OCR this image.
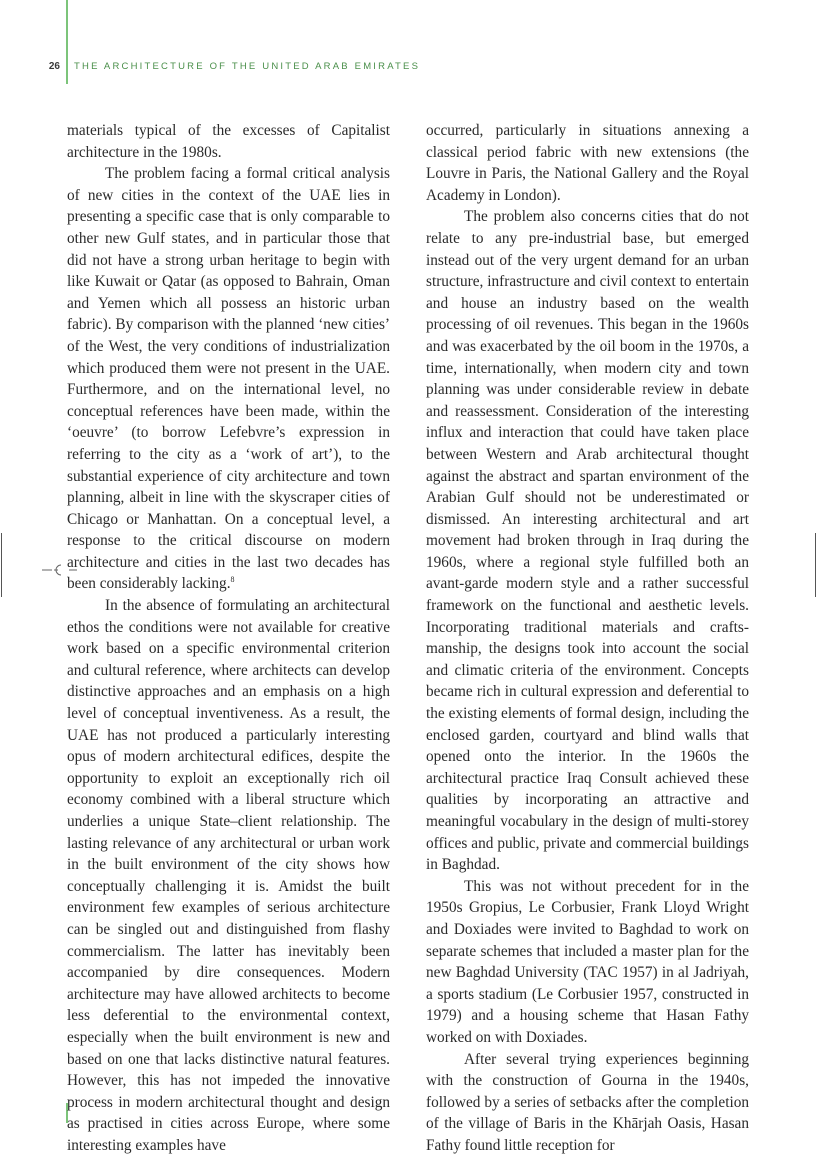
26	THE ARCHITECTURE OF THE UNITED ARAB EMIRATES

materials typical of the excesses of Capitalist architecture in the 1980s.

The problem facing a formal critical analysis of new cities in the context of the UAE lies in presenting a specific case that is only comparable to other new Gulf states, and in particular those that did not have a strong urban heritage to begin with like Kuwait or Qatar (as opposed to Bahrain, Oman and Yemen which all possess an historic urban fabric). By comparison with the planned ‘new cities’ of the West, the very conditions of industrialization which produced them were not present in the UAE. Furthermore, and on the international level, no conceptual references have been made, within the ‘oeuvre’ (to borrow Lefebvre’s expression in referring to the city as a ‘work of art’), to the substantial experience of city architecture and town planning, albeit in line with the skyscraper cities of Chicago or Manhattan. On a conceptual level, a response to the critical discourse on modern architecture and cities in the last two decades has been considerably lacking.$^8$

In the absence of formulating an architectural ethos the conditions were not available for creative work based on a specific environmental criterion and cultural reference, where architects can develop distinctive approaches and an emphasis on a high level of conceptual inventiveness. As a result, the UAE has not produced a particularly interesting opus of modern architectural edifices, despite the opportunity to exploit an exceptionally rich oil economy combined with a liberal structure which underlies a unique State–client relationship. The lasting relevance of any architectural or urban work in the built environment of the city shows how conceptually challenging it is. Amidst the built environment few examples of serious architecture can be singled out and distinguished from flashy commercialism. The latter has inevitably been accompanied by dire consequences. Modern architecture may have allowed architects to become less deferential to the environmental context, especially when the built environment is new and based on one that lacks distinctive natural features. However, this has not impeded the innovative process in modern architectural thought and design as practised in cities across Europe, where some interesting examples have

occurred, particularly in situations annexing a classical period fabric with new extensions (the Louvre in Paris, the National Gallery and the Royal Academy in London).

The problem also concerns cities that do not relate to any pre-industrial base, but emerged instead out of the very urgent demand for an urban structure, infrastructure and civil context to entertain and house an industry based on the wealth processing of oil revenues. This began in the 1960s and was exacerbated by the oil boom in the 1970s, a time, internationally, when modern city and town planning was under considerable review in debate and reassessment. Consideration of the interesting influx and interaction that could have taken place between Western and Arab architectural thought against the abstract and spartan environment of the Arabian Gulf should not be underestimated or dismissed. An interesting architectural and art movement had broken through in Iraq during the 1960s, where a regional style fulfilled both an avant-garde modern style and a rather successful framework on the functional and aesthetic levels. Incorporating traditional materials and craftsmanship, the designs took into account the social and climatic criteria of the environment. Concepts became rich in cultural expression and deferential to the existing elements of formal design, including the enclosed garden, courtyard and blind walls that opened onto the interior. In the 1960s the architectural practice Iraq Consult achieved these qualities by incorporating an attractive and meaningful vocabulary in the design of multi-storey offices and public, private and commercial buildings in Baghdad.

This was not without precedent for in the 1950s Gropius, Le Corbusier, Frank Lloyd Wright and Doxiades were invited to Baghdad to work on separate schemes that included a master plan for the new Baghdad University (TAC 1957) in al Jadriyah, a sports stadium (Le Corbusier 1957, constructed in 1979) and a housing scheme that Hasan Fathy worked on with Doxiades.

After several trying experiences beginning with the construction of Gourna in the 1940s, followed by a series of setbacks after the completion of the village of Baris in the Khārjah Oasis, Hasan Fathy found little reception for
